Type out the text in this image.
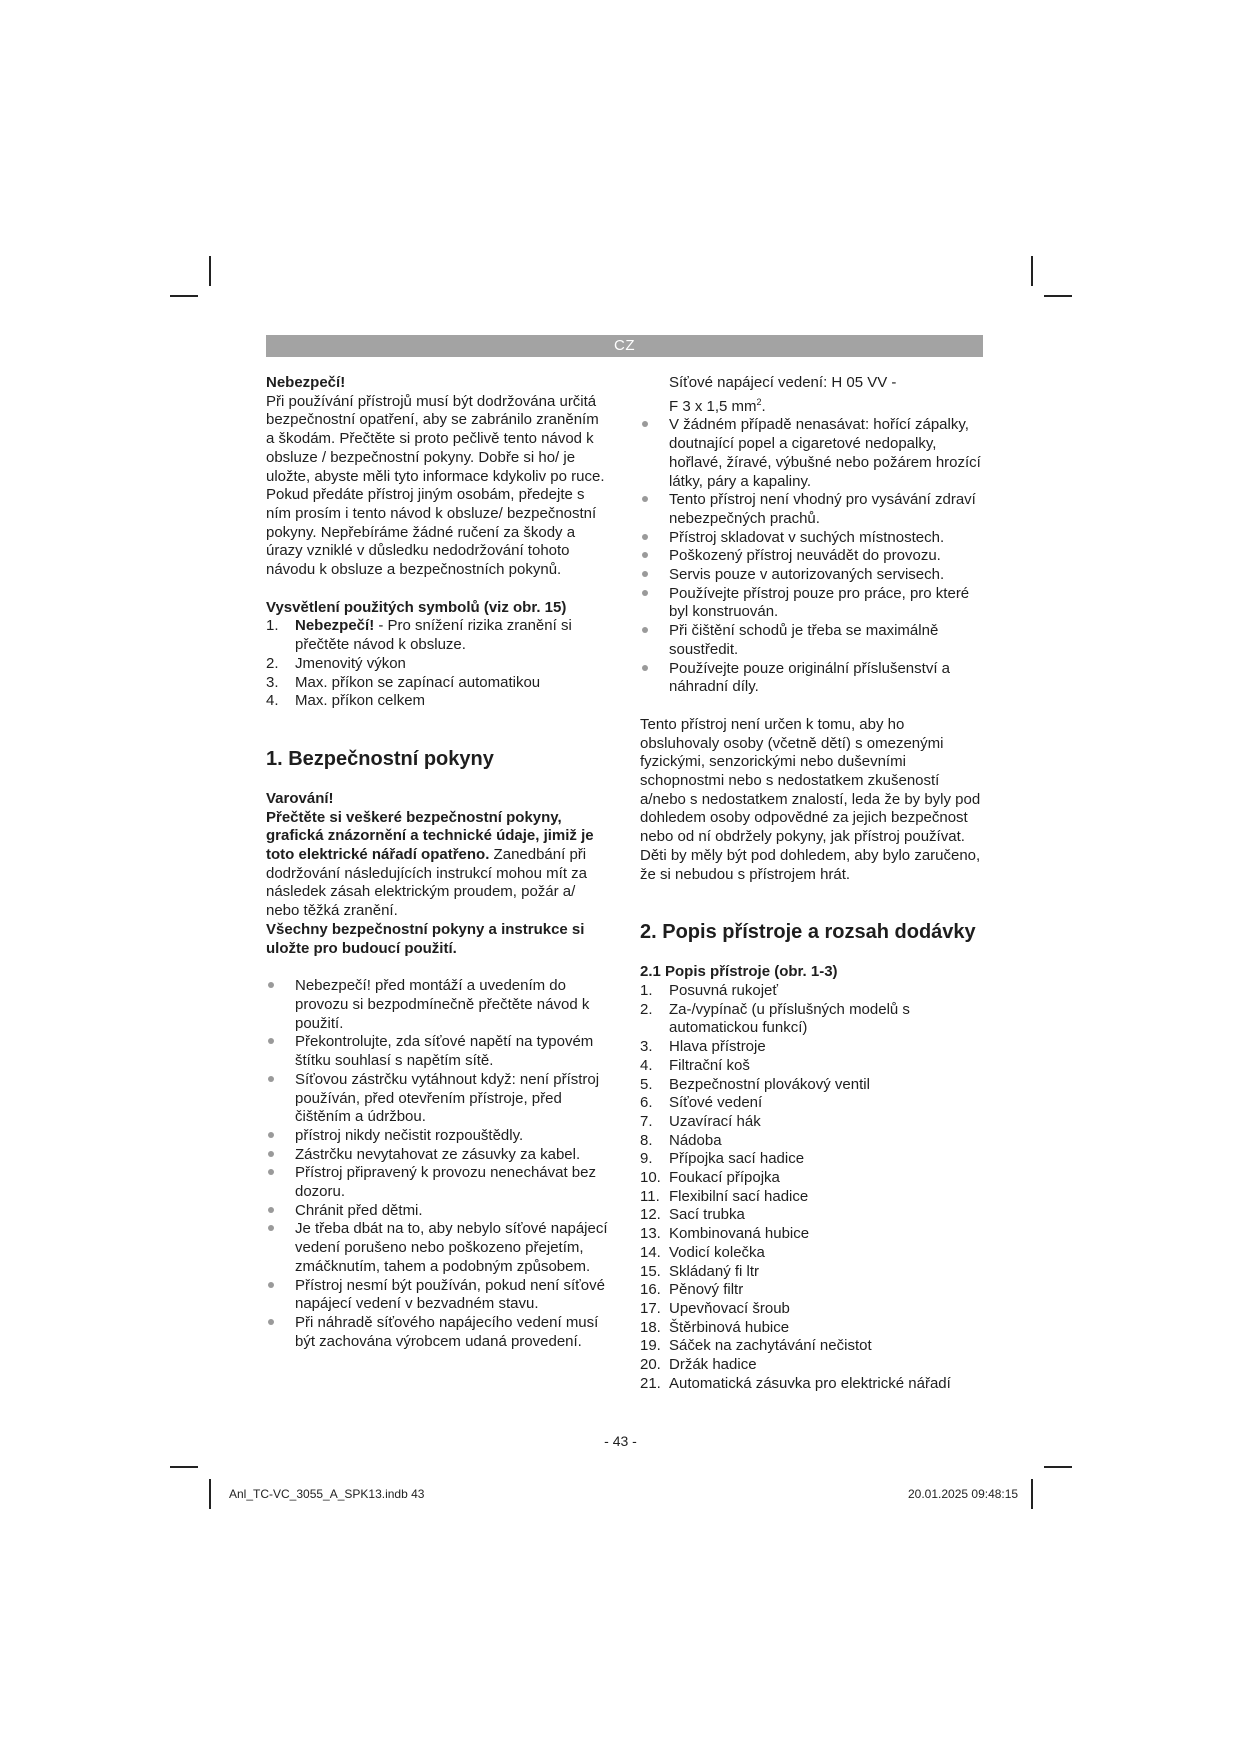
CZ

Nebezpečí!

Při používání přístrojů musí být dodržována určitá bezpečnostní opatření, aby se zabránilo zraněním a škodám. Přečtěte si proto pečlivě tento návod k obsluze / bezpečnostní pokyny. Dobře si ho/ je uložte, abyste měli tyto informace kdykoliv po ruce. Pokud předáte přístroj jiným osobám, předejte s ním prosím i tento návod k obsluze/ bezpečnostní pokyny. Nepřebíráme žádné ručení za škody a úrazy vzniklé v důsledku nedodržování tohoto návodu k obsluze a bezpečnostních pokynů.

Vysvětlení použitých symbolů (viz obr. 15)

1. Nebezpečí! - Pro snížení rizika zranění si přečtěte návod k obsluze.
2. Jmenovitý výkon
3. Max. příkon se zapínací automatikou
4. Max. příkon celkem

1. Bezpečnostní pokyny

Varování!

Přečtěte si veškeré bezpečnostní pokyny, grafická znázornění a technické údaje, jimiž je toto elektrické nářadí opatřeno. Zanedbání při dodržování následujících instrukcí mohou mít za následek zásah elektrickým proudem, požár a/ nebo těžká zranění.

Všechny bezpečnostní pokyny a instrukce si uložte pro budoucí použití.

Nebezpečí! před montáží a uvedením do provozu si bezpodmínečně přečtěte návod k použití.
Překontrolujte, zda síťové napětí na typovém štítku souhlasí s napětím sítě.
Síťovou zástrčku vytáhnout když: není přístroj používán, před otevřením přístroje, před čištěním a údržbou.
přístroj nikdy nečistit rozpouštědly.
Zástrčku nevytahovat ze zásuvky za kabel.
Přístroj připravený k provozu nenechávat bez dozoru.
Chránit před dětmi.
Je třeba dbát na to, aby nebylo síťové napájecí vedení porušeno nebo poškozeno přejetím, zmáčknutím, tahem a podobným způsobem.
Přístroj nesmí být používán, pokud není síťové napájecí vedení v bezvadném stavu.
Při náhradě síťového napájecího vedení musí být zachována výrobcem udaná provedení.

Síťové napájecí vedení: H 05 VV -
F 3 x 1,5 $mm^2$.

V žádném případě nenasávat: hořící zápalky, doutnající popel a cigaretové nedopalky, hořlavé, žíravé, výbušné nebo požárem hrozící látky, páry a kapaliny.
Tento přístroj není vhodný pro vysávání zdraví nebezpečných prachů.
Přístroj skladovat v suchých místnostech.
Poškozený přístroj neuvádět do provozu.
Servis pouze v autorizovaných servisech.
Používejte přístroj pouze pro práce, pro které byl konstruován.
Při čištění schodů je třeba se maximálně soustředit.
Používejte pouze originální příslušenství a náhradní díly.

Tento přístroj není určen k tomu, aby ho obsluhovaly osoby (včetně dětí) s omezenými fyzickými, senzorickými nebo duševními schopnostmi nebo s nedostatkem zkušeností a/nebo s nedostatkem znalostí, leda že by byly pod dohledem osoby odpovědné za jejich bezpečnost nebo od ní obdržely pokyny, jak přístroj používat. Děti by měly být pod dohledem, aby bylo zaručeno, že si nebudou s přístrojem hrát.

2. Popis přístroje a rozsah dodávky

2.1 Popis přístroje (obr. 1-3)

1. Posuvná rukojeť
2. Za-/vypínač (u příslušných modelů s automatickou funkcí)
3. Hlava přístroje
4. Filtrační koš
5. Bezpečnostní plovákový ventil
6. Síťové vedení
7. Uzavírací hák
8. Nádoba
9. Přípojka sací hadice
10. Foukací přípojka
11. Flexibilní sací hadice
12. Sací trubka
13. Kombinovaná hubice
14. Vodicí kolečka
15. Skládaný fi ltr
16. Pěnový filtr
17. Upevňovací šroub
18. Štěrbinová hubice
19. Sáček na zachytávání nečistot
20. Držák hadice
21. Automatická zásuvka pro elektrické nářadí
- 43 -
Anl_TC-VC_3055_A_SPK13.indb 43	20.01.2025 09:48:15
